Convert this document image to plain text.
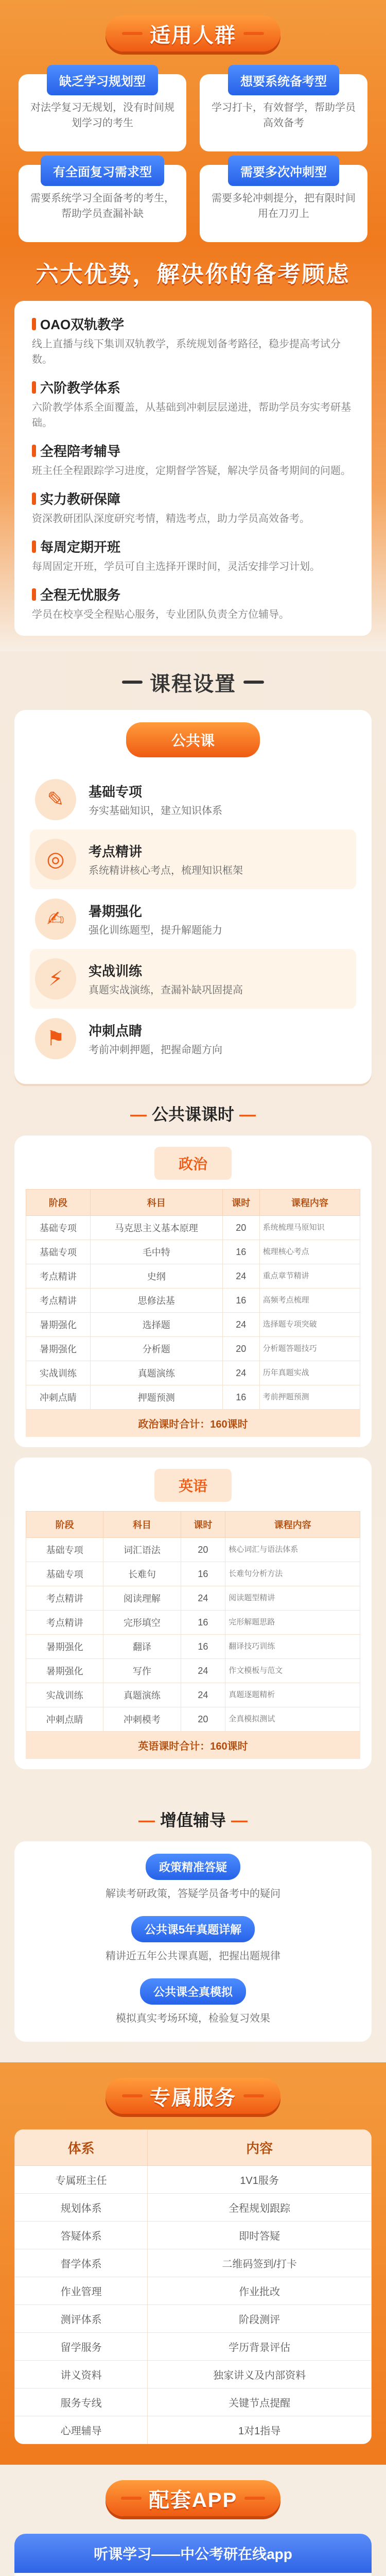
适用人群
缺乏学习规划型
对法学复习无规划，没有时间规划学习的考生
想要系统备考型
学习打卡，有效督学，帮助学员高效备考
有全面复习需求型
需要系统学习全面备考的考生，帮助学员查漏补缺
需要多次冲刺型
需要多轮冲刺提分，把有限时间用在刀刃上
六大优势，解决你的备考顾虑
OAO双轨教学
线上直播与线下集训双轨教学，系统规划备考路径，稳步提高考试分数。
六阶教学体系
六阶教学体系全面覆盖，从基础到冲刺层层递进，帮助学员夯实考研基础。
全程陪考辅导
班主任全程跟踪学习进度，定期督学答疑，解决学员备考期间的问题。
实力教研保障
资深教研团队深度研究考情，精选考点，助力学员高效备考。
每周定期开班
每周固定开班，学员可自主选择开课时间，灵活安排学习计划。
全程无忧服务
学员在校享受全程贴心服务，专业团队负责全方位辅导。
课程设置
公共课
✎	基础专项
夯实基础知识，建立知识体系
◎	考点精讲
系统精讲核心考点，梳理知识框架
✍	暑期强化
强化训练题型，提升解题能力
⚡	实战训练
真题实战演练，查漏补缺巩固提高
⚑	冲刺点睛
考前冲刺押题，把握命题方向
— 公共课课时 —
政治
阶段	科目	课时	课程内容
基础专项	马克思主义基本原理	20	系统梳理马原知识
基础专项	毛中特	16	梳理核心考点
考点精讲	史纲	24	重点章节精讲
考点精讲	思修法基	16	高频考点梳理
暑期强化	选择题	24	选择题专项突破
暑期强化	分析题	20	分析题答题技巧
实战训练	真题演练	24	历年真题实战
冲刺点睛	押题预测	16	考前押题预测
政治课时合计：160课时
英语
阶段	科目	课时	课程内容
基础专项	词汇语法	20	核心词汇与语法体系
基础专项	长难句	16	长难句分析方法
考点精讲	阅读理解	24	阅读题型精讲
考点精讲	完形填空	16	完形解题思路
暑期强化	翻译	16	翻译技巧训练
暑期强化	写作	24	作文模板与范文
实战训练	真题演练	24	真题逐题精析
冲刺点睛	冲刺模考	20	全真模拟测试
英语课时合计：160课时
— 增值辅导 —
政策精准答疑
解读考研政策，答疑学员备考中的疑问
公共课5年真题详解
精讲近五年公共课真题，把握出题规律
公共课全真模拟
模拟真实考场环境，检验复习效果
专属服务
体系	内容
专属班主任	1V1服务
规划体系	全程规划跟踪
答疑体系	即时答疑
督学体系	二维码签到/打卡
作业管理	作业批改
测评体系	阶段测评
留学服务	学历背景评估
讲义资料	独家讲义及内部资料
服务专线	关键节点提醒
心理辅导	1对1指导
配套APP
听课学习——中公考研在线app
